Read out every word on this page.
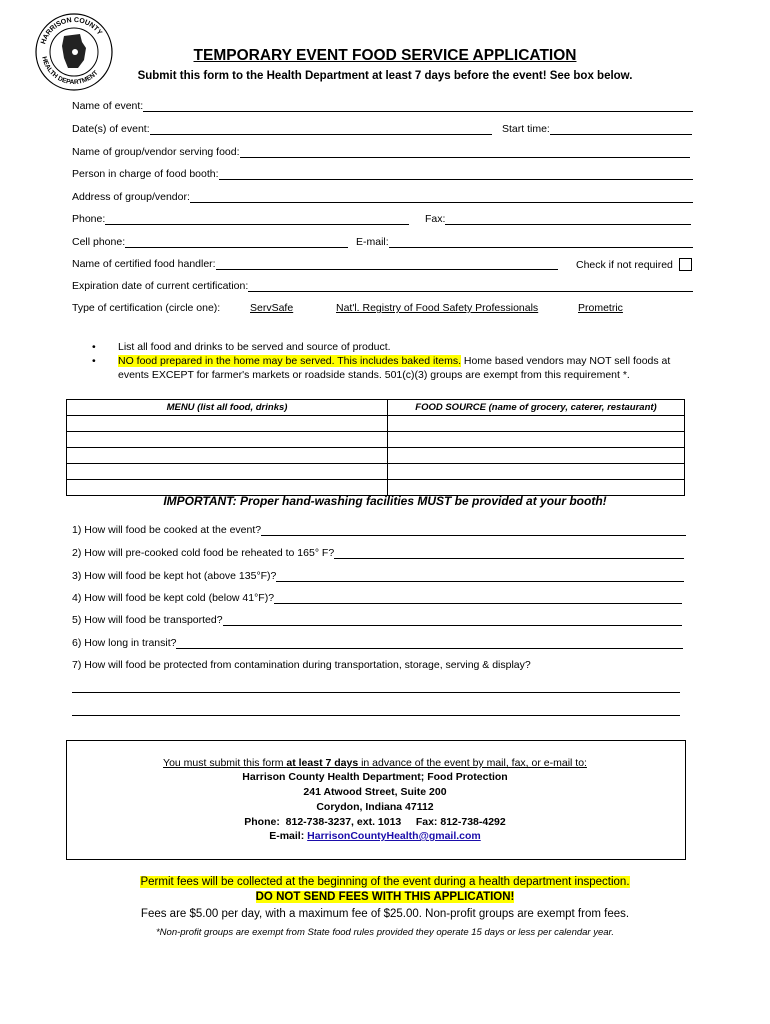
HARRISON COUNTY
HEALTH DEPARTMENT
TEMPORARY EVENT FOOD SERVICE APPLICATION
Submit this form to the Health Department at least 7 days before the event! See box below.
Name of event:
Date(s) of event:	Start time:
Name of group/vendor serving food:
Person in charge of food booth:
Address of group/vendor:
Phone:	Fax:
Cell phone:	E-mail:
Name of certified food handler:	Check if not required
Expiration date of current certification:
Type of certification (circle one):	ServSafe	Nat'l. Registry of Food Safety Professionals	Prometric
• List all food and drinks to be served and source of product.
• NO food prepared in the home may be served. This includes baked items. Home based vendors may NOT sell foods at events EXCEPT for farmer's markets or roadside stands. 501(c)(3) groups are exempt from this requirement *.
MENU (list all food, drinks)	FOOD SOURCE (name of grocery, caterer, restaurant)

IMPORTANT: Proper hand-washing facilities MUST be provided at your booth!
1) How will food be cooked at the event?
2) How will pre-cooked cold food be reheated to 165° F?
3) How will food be kept hot (above 135°F)?
4) How will food be kept cold (below 41°F)?
5) How will food be transported?
6) How long in transit?
7) How will food be protected from contamination during transportation, storage, serving & display?
You must submit this form at least 7 days in advance of the event by mail, fax, or e-mail to:
Harrison County Health Department; Food Protection
241 Atwood Street, Suite 200
Corydon, Indiana 47112
Phone:  812-738-3237, ext. 1013     Fax: 812-738-4292
E-mail: HarrisonCountyHealth@gmail.com
Permit fees will be collected at the beginning of the event during a health department inspection.
DO NOT SEND FEES WITH THIS APPLICATION!
Fees are $5.00 per day, with a maximum fee of $25.00. Non-profit groups are exempt from fees.
*Non-profit groups are exempt from State food rules provided they operate 15 days or less per calendar year.
